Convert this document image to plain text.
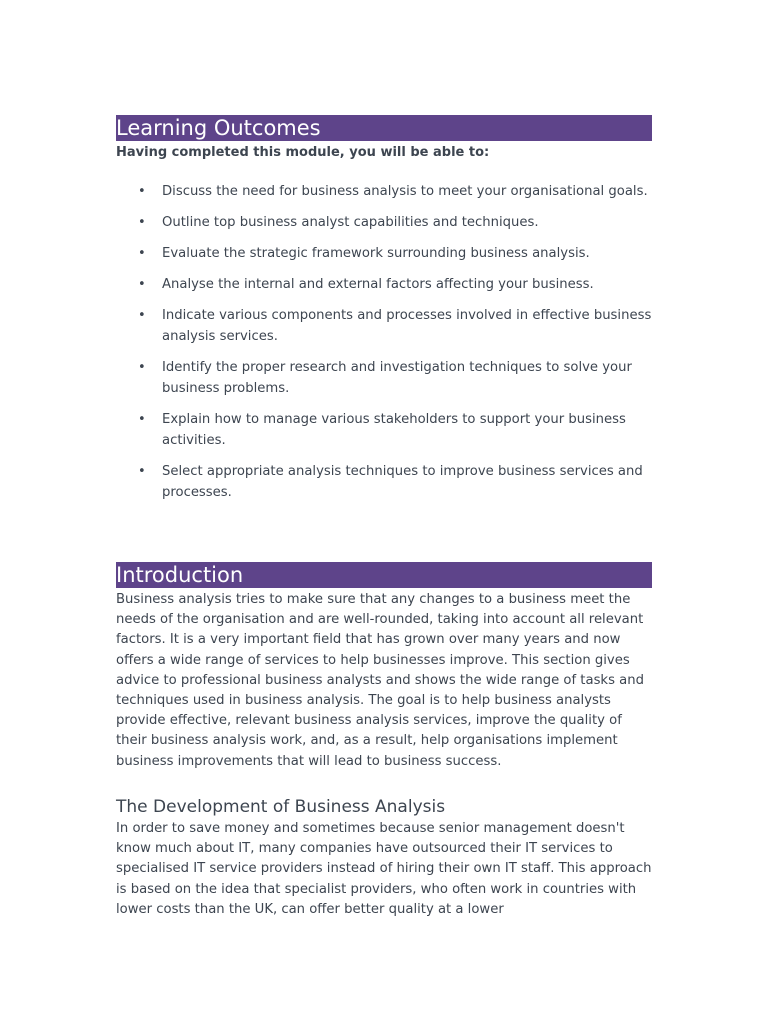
Learning Outcomes
Having completed this module, you will be able to:
• Discuss the need for business analysis to meet your organisational goals.
• Outline top business analyst capabilities and techniques.
• Evaluate the strategic framework surrounding business analysis.
• Analyse the internal and external factors affecting your business.
• Indicate various components and processes involved in effective business analysis services.
• Identify the proper research and investigation techniques to solve your business problems.
• Explain how to manage various stakeholders to support your business activities.
• Select appropriate analysis techniques to improve business services and processes.
Introduction
Business analysis tries to make sure that any changes to a business meet the needs of the organisation and are well-rounded, taking into account all relevant factors. It is a very important field that has grown over many years and now offers a wide range of services to help businesses improve. This section gives advice to professional business analysts and shows the wide range of tasks and techniques used in business analysis. The goal is to help business analysts provide effective, relevant business analysis services, improve the quality of their business analysis work, and, as a result, help organisations implement business improvements that will lead to business success.
The Development of Business Analysis
In order to save money and sometimes because senior management doesn't know much about IT, many companies have outsourced their IT services to specialised IT service providers instead of hiring their own IT staff. This approach is based on the idea that specialist providers, who often work in countries with lower costs than the UK, can offer better quality at a lower
